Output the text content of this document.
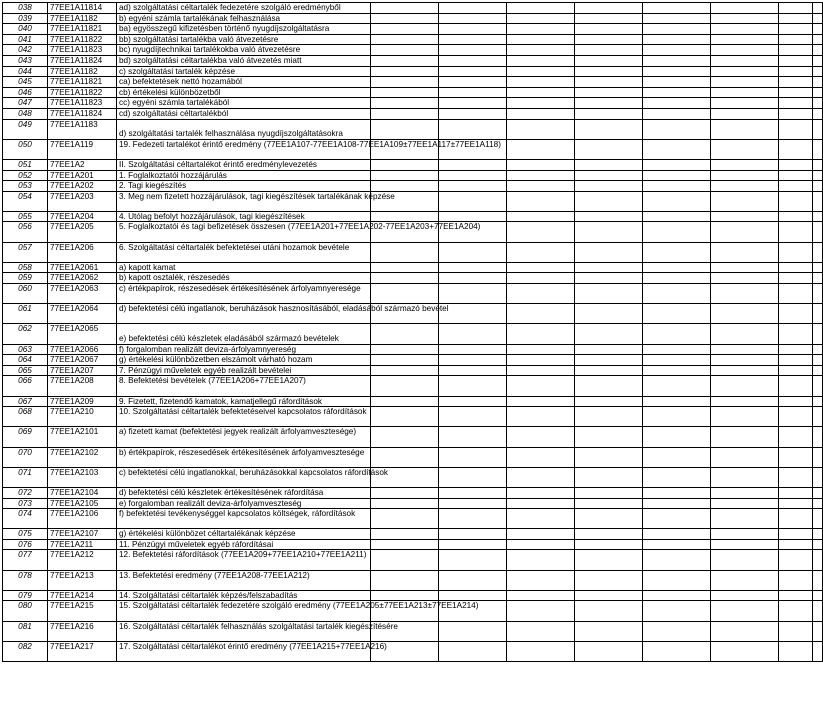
038	77EE1A11814	ad) szolgáltatási céltartalék fedezetére szolgáló eredményből								
039	77EE1A1182	b) egyéni számla tartalékának felhasználása								
040	77EE1A11821	ba) egyösszegű kifizetésben történő nyugdíjszolgáltatásra								
041	77EE1A11822	bb) szolgáltatási tartalékba való átvezetésre								
042	77EE1A11823	bc) nyugdíjtechnikai tartalékokba való átvezetésre								
043	77EE1A11824	bd) szolgáltatási céltartalékba való átvezetés miatt								
044	77EE1A1182	c) szolgáltatási tartalék képzése								
045	77EE1A11821	ca) befektetések nettó hozamából								
046	77EE1A11822	cb) értékelési különbözetből								
047	77EE1A11823	cc) egyéni számla tartalékából								
048	77EE1A11824	cd) szolgáltatási céltartalékból								
049	77EE1A1183	d) szolgáltatási tartalék felhasználása nyugdíjszolgáltatásokra								
050	77EE1A119	19. Fedezeti tartalékot érintő eredmény (77EE1A107-77EE1A108-77EE1A109±77EE1A117±77EE1A118)								
051	77EE1A2	II. Szolgáltatási céltartalékot érintő eredménylevezetés								
052	77EE1A201	1. Foglalkoztatói hozzájárulás								
053	77EE1A202	2. Tagi kiegészítés								
054	77EE1A203	3. Meg nem fizetett hozzájárulások, tagi kiegészítések tartalékának képzése								
055	77EE1A204	4. Utólag befolyt hozzájárulások, tagi kiegészítések								
056	77EE1A205	5. Foglalkoztatói és tagi befizetések összesen (77EE1A201+77EE1A202-77EE1A203+77EE1A204)								
057	77EE1A206	6. Szolgáltatási céltartalék befektetései utáni hozamok bevétele								
058	77EE1A2061	a) kapott kamat								
059	77EE1A2062	b) kapott osztalék, részesedés								
060	77EE1A2063	c) értékpapírok, részesedések értékesítésének árfolyamnyeresége								
061	77EE1A2064	d) befektetési célú ingatlanok, beruházások hasznosításából, eladásából származó bevétel								
062	77EE1A2065	e) befektetési célú készletek eladásából származó bevételek								
063	77EE1A2066	f) forgalomban realizált deviza-árfolyamnyereség								
064	77EE1A2067	g) értékelési különbözetben elszámolt várható hozam								
065	77EE1A207	7. Pénzügyi műveletek egyéb realizált bevételei								
066	77EE1A208	8. Befektetési bevételek (77EE1A206+77EE1A207)								
067	77EE1A209	9. Fizetett, fizetendő kamatok, kamatjellegű ráfordítások								
068	77EE1A210	10. Szolgáltatási céltartalék befektetéseivel kapcsolatos ráfordítások								
069	77EE1A2101	a) fizetett kamat (befektetési jegyek realizált árfolyamvesztesége)								
070	77EE1A2102	b) értékpapírok, részesedések értékesítésének árfolyamvesztesége								
071	77EE1A2103	c) befektetési célú ingatlanokkal, beruházásokkal kapcsolatos ráfordítások								
072	77EE1A2104	d) befektetési célú készletek értékesítésének ráfordítása								
073	77EE1A2105	e) forgalomban realizált deviza-árfolyamveszteség								
074	77EE1A2106	f) befektetési tevékenységgel kapcsolatos költségek, ráfordítások								
075	77EE1A2107	g) értékelési különbözet céltartalékának képzése								
076	77EE1A211	11. Pénzügyi műveletek egyéb ráfordításai								
077	77EE1A212	12. Befektetési ráfordítások (77EE1A209+77EE1A210+77EE1A211)								
078	77EE1A213	13. Befektetési eredmény (77EE1A208-77EE1A212)								
079	77EE1A214	14. Szolgáltatási céltartalék képzés/felszabadítás								
080	77EE1A215	15. Szolgáltatási céltartalék fedezetére szolgáló eredmény (77EE1A205±77EE1A213±77EE1A214)								
081	77EE1A216	16. Szolgáltatási céltartalék felhasználás szolgáltatási tartalék kiegészítésére								
082	77EE1A217	17. Szolgáltatási céltartalékot érintő eredmény (77EE1A215+77EE1A216)								
